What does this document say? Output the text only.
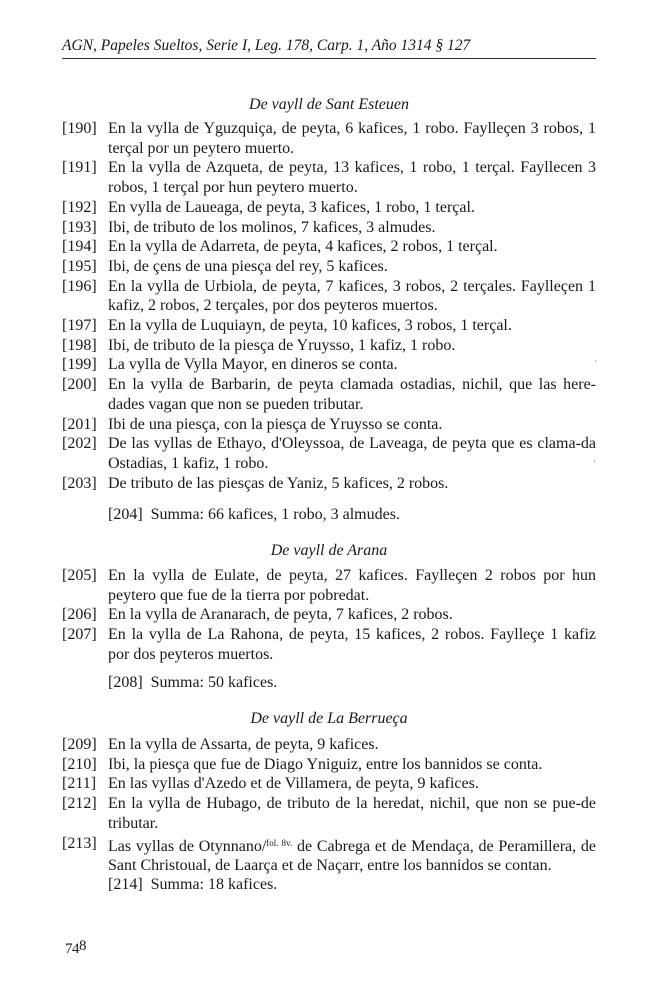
AGN, Papeles Sueltos, Serie I, Leg. 178, Carp. 1, Año 1314 § 127
De vayll de Sant Esteuen
[190] En la vylla de Yguzquiça, de peyta, 6 kafices, 1 robo. Faylleçen 3 robos, 1 terçal por un peytero muerto.
[191] En la vylla de Azqueta, de peyta, 13 kafices, 1 robo, 1 terçal. Fayllecen 3 robos, 1 terçal por hun peytero muerto.
[192] En vylla de Laueaga, de peyta, 3 kafices, 1 robo, 1 terçal.
[193] Ibi, de tributo de los molinos, 7 kafices, 3 almudes.
[194] En la vylla de Adarreta, de peyta, 4 kafices, 2 robos, 1 terçal.
[195] Ibi, de çens de una piesça del rey, 5 kafices.
[196] En la vylla de Urbiola, de peyta, 7 kafices, 3 robos, 2 terçales. Faylleçen 1 kafiz, 2 robos, 2 terçales, por dos peyteros muertos.
[197] En la vylla de Luquiayn, de peyta, 10 kafices, 3 robos, 1 terçal.
[198] Ibi, de tributo de la piesça de Yruysso, 1 kafiz, 1 robo.
[199] La vylla de Vylla Mayor, en dineros se conta.
[200] En la vylla de Barbarin, de peyta clamada ostadias, nichil, que las here-dades vagan que non se pueden tributar.
[201] Ibi de una piesça, con la piesça de Yruysso se conta.
[202] De las vyllas de Ethayo, d'Oleyssoa, de Laveaga, de peyta que es clama-da Ostadias, 1 kafiz, 1 robo.
[203] De tributo de las piesças de Yaniz, 5 kafices, 2 robos.
[204] Summa: 66 kafices, 1 robo, 3 almudes.
De vayll de Arana
[205] En la vylla de Eulate, de peyta, 27 kafices. Faylleçen 2 robos por hun peytero que fue de la tierra por pobredat.
[206] En la vylla de Aranarach, de peyta, 7 kafices, 2 robos.
[207] En la vylla de La Rahona, de peyta, 15 kafices, 2 robos. Faylleçe 1 kafiz por dos peyteros muertos.
[208] Summa: 50 kafices.
De vayll de La Berrueça
[209] En la vylla de Assarta, de peyta, 9 kafices.
[210] Ibi, la piesça que fue de Diago Yniguiz, entre los bannidos se conta.
[211] En las vyllas d'Azedo et de Villamera, de peyta, 9 kafices.
[212] En la vylla de Hubago, de tributo de la heredat, nichil, que non se pue-de tributar.
[213] Las vyllas de Otynnano/$^{fol. 8v.}$ de Cabrega et de Mendaça, de Peramillera, de Sant Christoual, de Laarça et de Naçarr, entre los bannidos se contan.
[214] Summa: 18 kafices.
748
